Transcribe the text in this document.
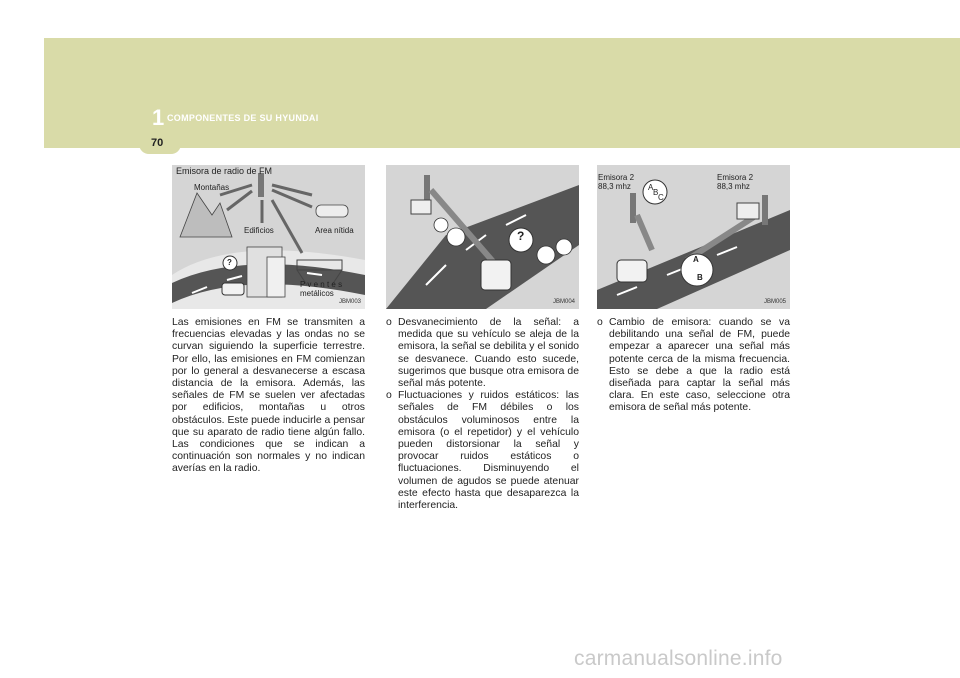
1 COMPONENTES DE SU HYUNDAI
70
Emisora de radio de FM
Montañas
Edificios	Area nítida
P v e n t e s
metálicos
?
JBM003
?
JBM004
Emisora 2
88,3 mhz
Emisora 2
88,3 mhz
A
B
C
A
B
JBM005

Las emisiones en FM se transmiten a frecuencias elevadas y las ondas no se curvan siguiendo la superficie terrestre. Por ello, las emisiones en FM comienzan por lo general a desvanecerse a escasa distancia de la emisora. Además, las señales de FM se suelen ver afectadas por edificios, montañas u otros obstáculos. Este puede inducirle a pensar que su aparato de radio tiene algún fallo. Las condiciones que se indican a continuación son normales y no indican averías en la radio.

o Desvanecimiento de la señal: a medida que su vehículo se aleja de la emisora, la señal se debilita y el sonido se desvanece. Cuando esto sucede, sugerimos que busque otra emisora de señal más potente.

o Fluctuaciones y ruidos estáticos: las señales de FM débiles o los obstáculos voluminosos entre la emisora (o el repetidor) y el vehículo pueden distorsionar la señal y provocar ruidos estáticos o fluctuaciones. Disminuyendo el volumen de agudos se puede atenuar este efecto hasta que desaparezca la interferencia.

o Cambio de emisora: cuando se va debilitando una señal de FM, puede empezar a aparecer una señal más potente cerca de la misma frecuencia. Esto se debe a que la radio está diseñada para captar la señal más clara. En este caso, seleccione otra emisora de señal más potente.

carmanualsonline.info
